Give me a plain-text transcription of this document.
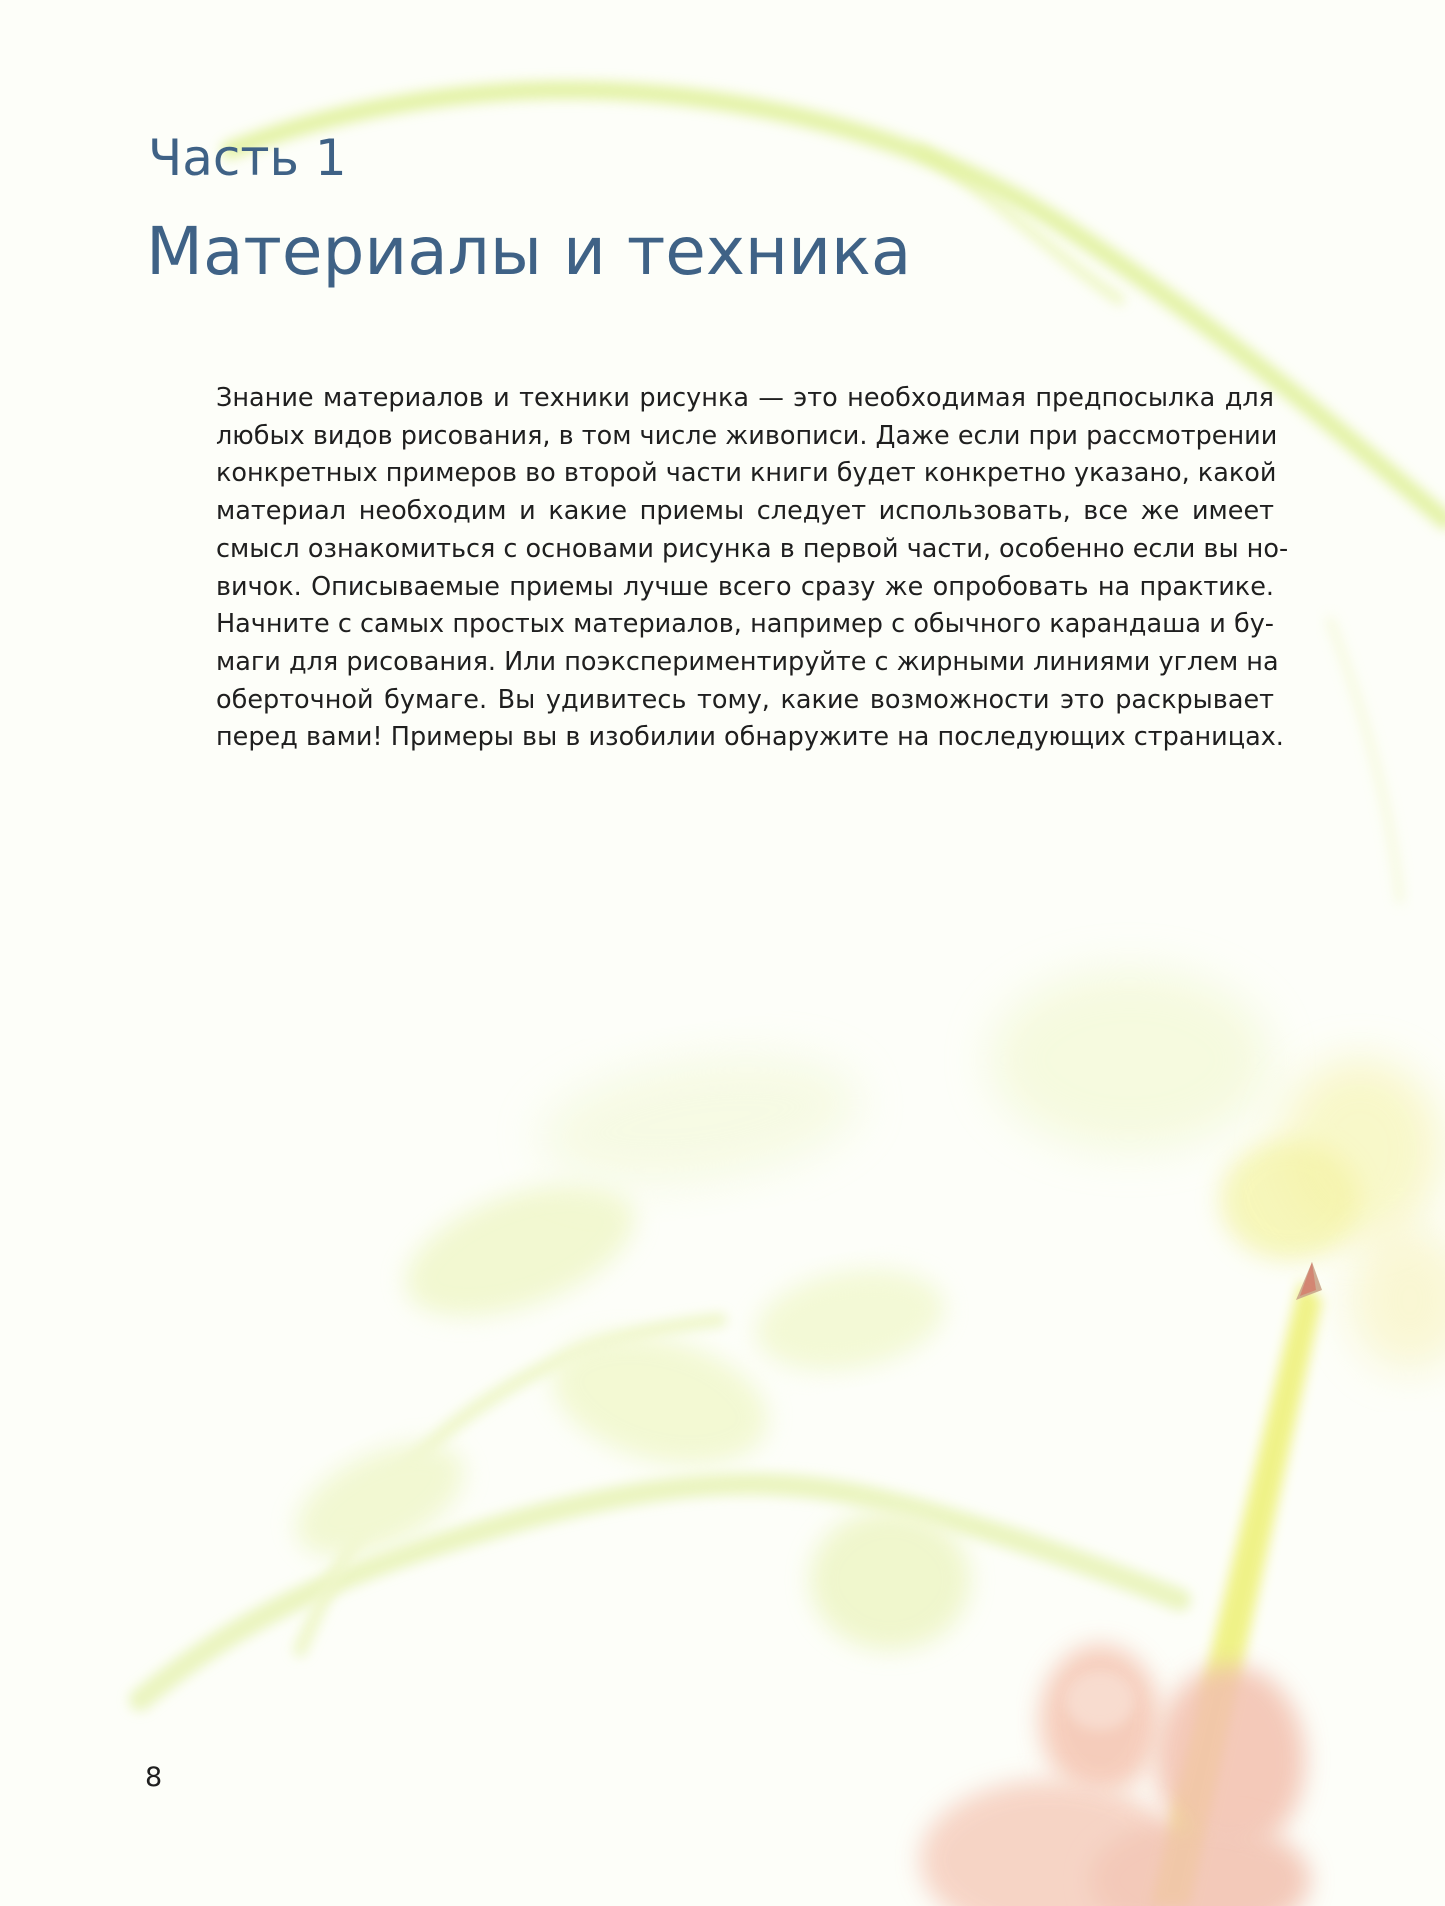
Часть 1
Материалы и техника

Знание материалов и техники рисунка — это необходимая предпосылка для
любых видов рисования, в том числе живописи. Даже если при рассмотрении
конкретных примеров во второй части книги будет конкретно указано, какой
материал необходим и какие приемы следует использовать, все же имеет
смысл ознакомиться с основами рисунка в первой части, особенно если вы но-
вичок. Описываемые приемы лучше всего сразу же опробовать на практике.
Начните с самых простых материалов, например с обычного карандаша и бу-
маги для рисования. Или поэкспериментируйте с жирными линиями углем на
оберточной бумаге. Вы удивитесь тому, какие возможности это раскрывает
перед вами! Примеры вы в изобилии обнаружите на последующих страницах.

8
